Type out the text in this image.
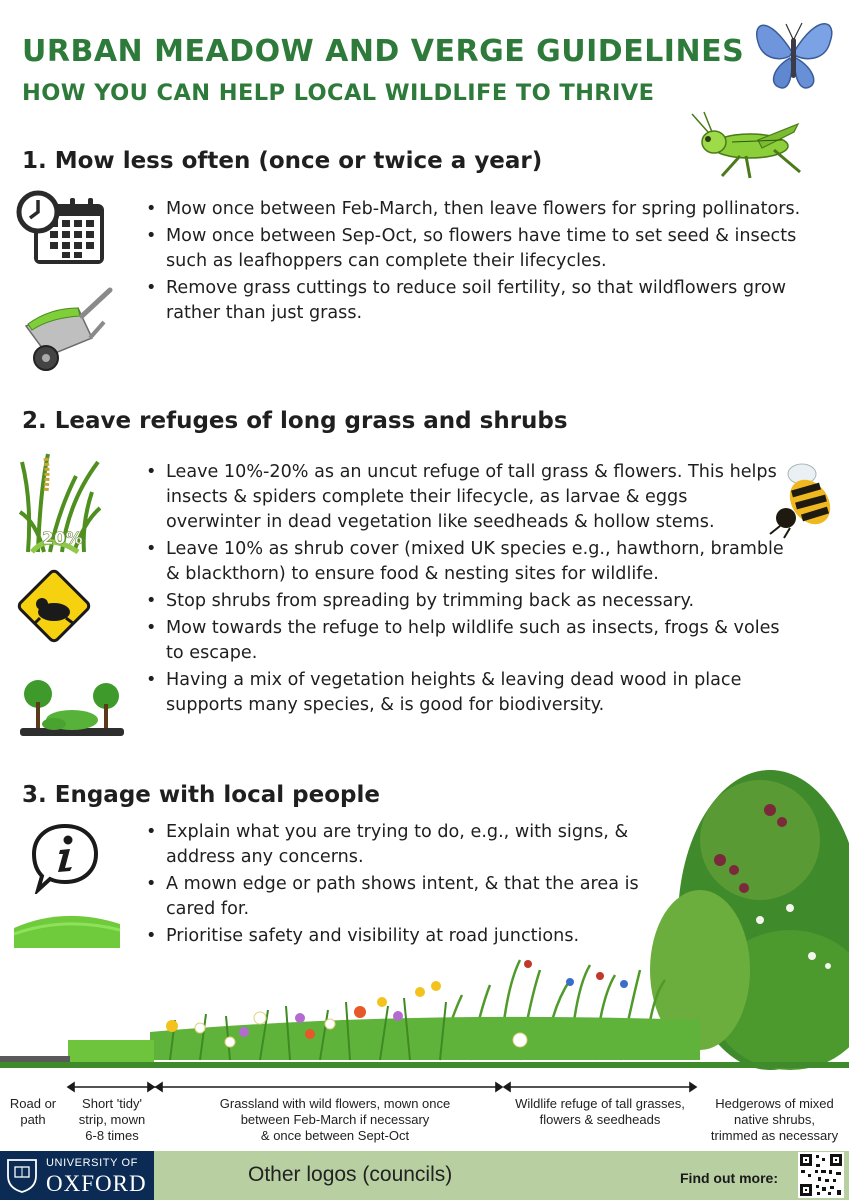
URBAN MEADOW AND VERGE GUIDELINES
HOW YOU CAN HELP LOCAL WILDLIFE TO THRIVE
1. Mow less often (once or twice a year)
• Mow once between Feb-March, then leave flowers for spring pollinators.
• Mow once between Sep-Oct, so flowers have time to set seed & insects such as leafhoppers can complete their lifecycles.
• Remove grass cuttings to reduce soil fertility, so that wildflowers grow rather than just grass.
2. Leave refuges of long grass and shrubs
20%
• Leave 10%-20% as an uncut refuge of tall grass & flowers. This helps insects & spiders complete their lifecycle, as larvae & eggs overwinter in dead vegetation like seedheads & hollow stems.
• Leave 10% as shrub cover (mixed UK species e.g., hawthorn, bramble & blackthorn) to ensure food & nesting sites for wildlife.
• Stop shrubs from spreading by trimming back as necessary.
• Mow towards the refuge to help wildlife such as insects, frogs & voles to escape.
• Having a mix of vegetation heights & leaving dead wood in place supports many species, & is good for biodiversity.
3. Engage with local people
• Explain what you are trying to do, e.g., with signs, & address any concerns.
• A mown edge or path shows intent, & that the area is cared for.
• Prioritise safety and visibility at road junctions.
Road or
path
Short 'tidy'
strip, mown
6-8 times
Grassland with wild flowers, mown once
between Feb-March if necessary
& once between Sept-Oct
Wildlife refuge of tall grasses,
flowers & seedheads
Hedgerows of mixed
native shrubs,
trimmed as necessary
UNIVERSITY OF
OXFORD	Other logos (councils)	Find out more:
